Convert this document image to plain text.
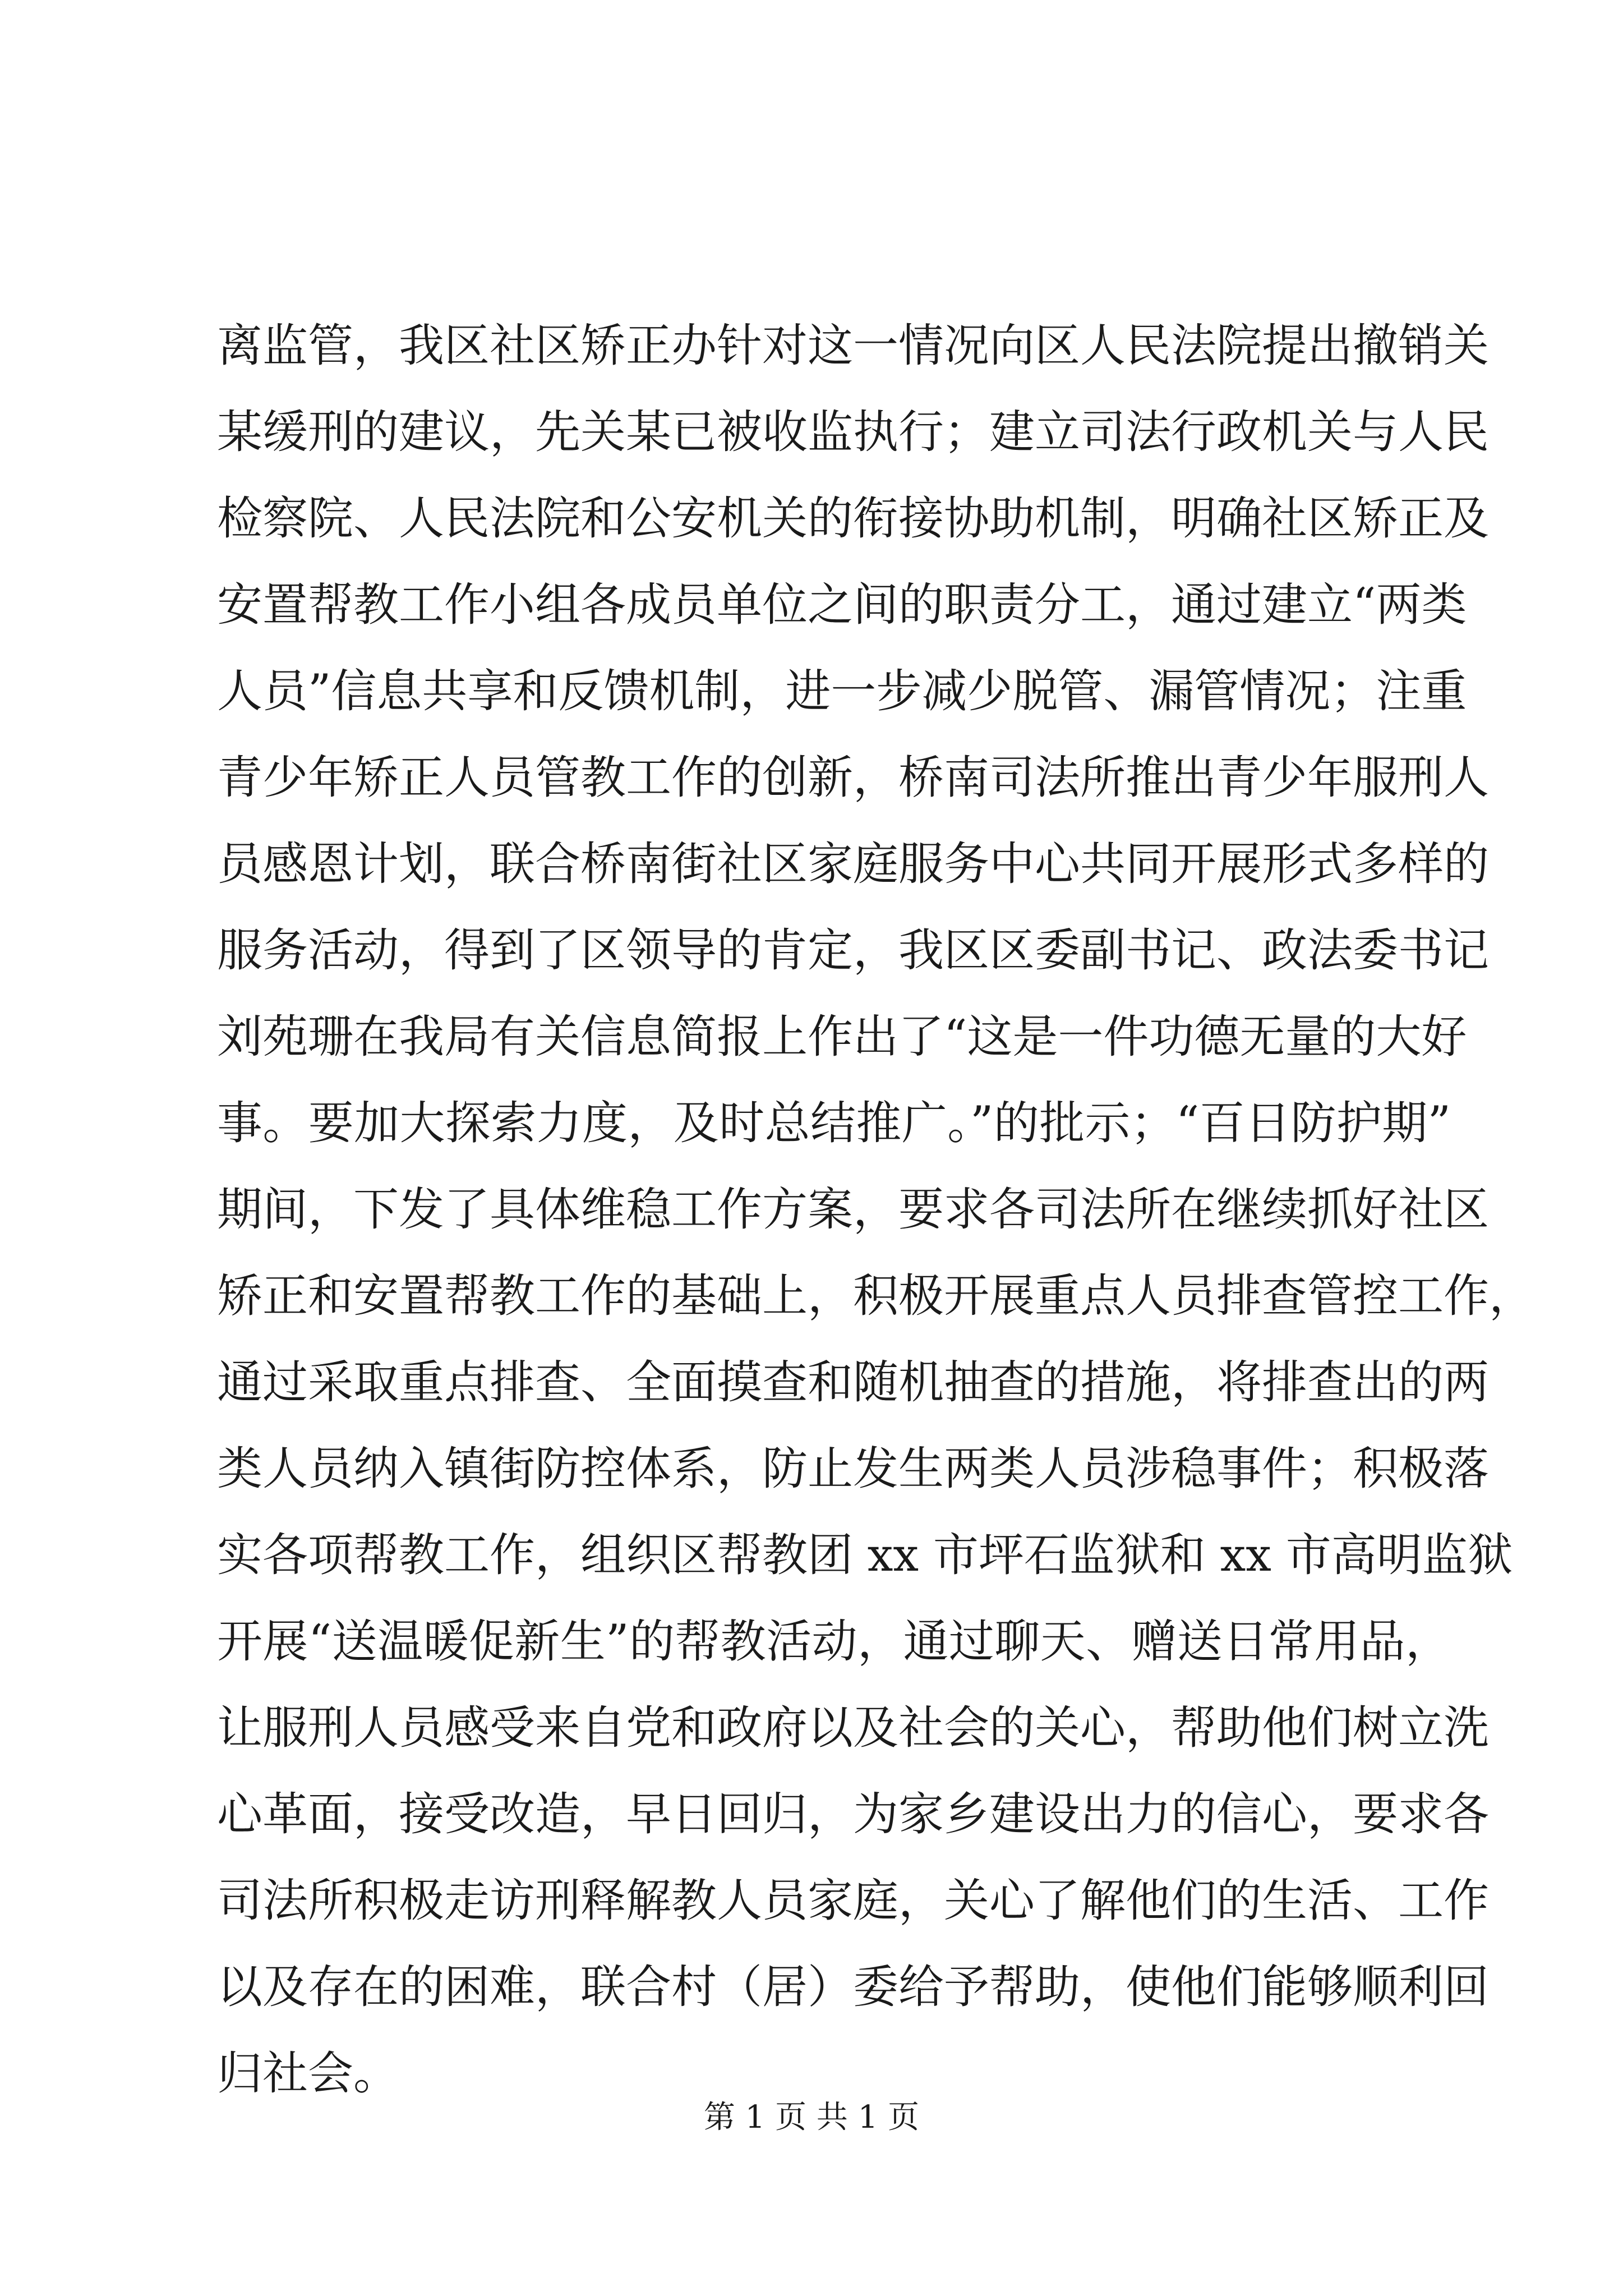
离监管，我区社区矫正办针对这一情况向区人民法院提出撤销关
某缓刑的建议，先关某已被收监执行；建立司法行政机关与人民
检察院、人民法院和公安机关的衔接协助机制，明确社区矫正及
安置帮教工作小组各成员单位之间的职责分工，通过建立“两类
人员”信息共享和反馈机制，进一步减少脱管、漏管情况；注重
青少年矫正人员管教工作的创新，桥南司法所推出青少年服刑人
员感恩计划，联合桥南街社区家庭服务中心共同开展形式多样的
服务活动，得到了区领导的肯定，我区区委副书记、政法委书记
刘苑珊在我局有关信息简报上作出了“这是一件功德无量的大好
事。要加大探索力度，及时总结推广。”的批示；“百日防护期”
期间，下发了具体维稳工作方案，要求各司法所在继续抓好社区
矫正和安置帮教工作的基础上，积极开展重点人员排查管控工作，
通过采取重点排查、全面摸查和随机抽查的措施，将排查出的两
类人员纳入镇街防控体系，防止发生两类人员涉稳事件；积极落
实各项帮教工作，组织区帮教团 xx 市坪石监狱和 xx 市高明监狱
开展“送温暖促新生”的帮教活动，通过聊天、赠送日常用品，
让服刑人员感受来自党和政府以及社会的关心，帮助他们树立洗
心革面，接受改造，早日回归，为家乡建设出力的信心，要求各
司法所积极走访刑释解教人员家庭，关心了解他们的生活、工作
以及存在的困难，联合村（居）委给予帮助，使他们能够顺利回
归社会。
第 1 页 共 1 页
